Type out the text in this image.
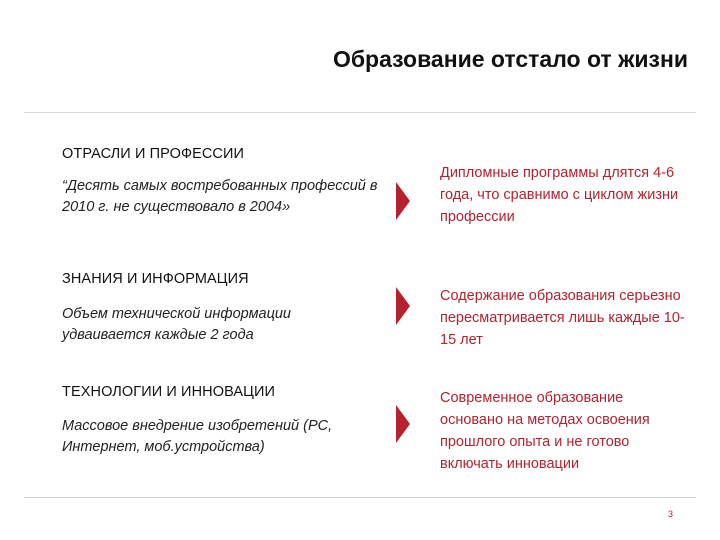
Образование отстало от жизни
ОТРАСЛИ И ПРОФЕССИИ
“Десять самых востребованных профессий в 2010 г. не существовало в 2004»
Дипломные программы длятся 4-6 года, что сравнимо с циклом жизни профессии
ЗНАНИЯ И ИНФОРМАЦИЯ
Объем технической информации удваивается каждые 2 года
Содержание образования серьезно пересматривается лишь каждые 10-15 лет
ТЕХНОЛОГИИ И ИННОВАЦИИ
Массовое внедрение изобретений (PC, Интернет, моб.устройства)
Современное образование основано на методах освоения прошлого опыта и не готово включать инновации
3
